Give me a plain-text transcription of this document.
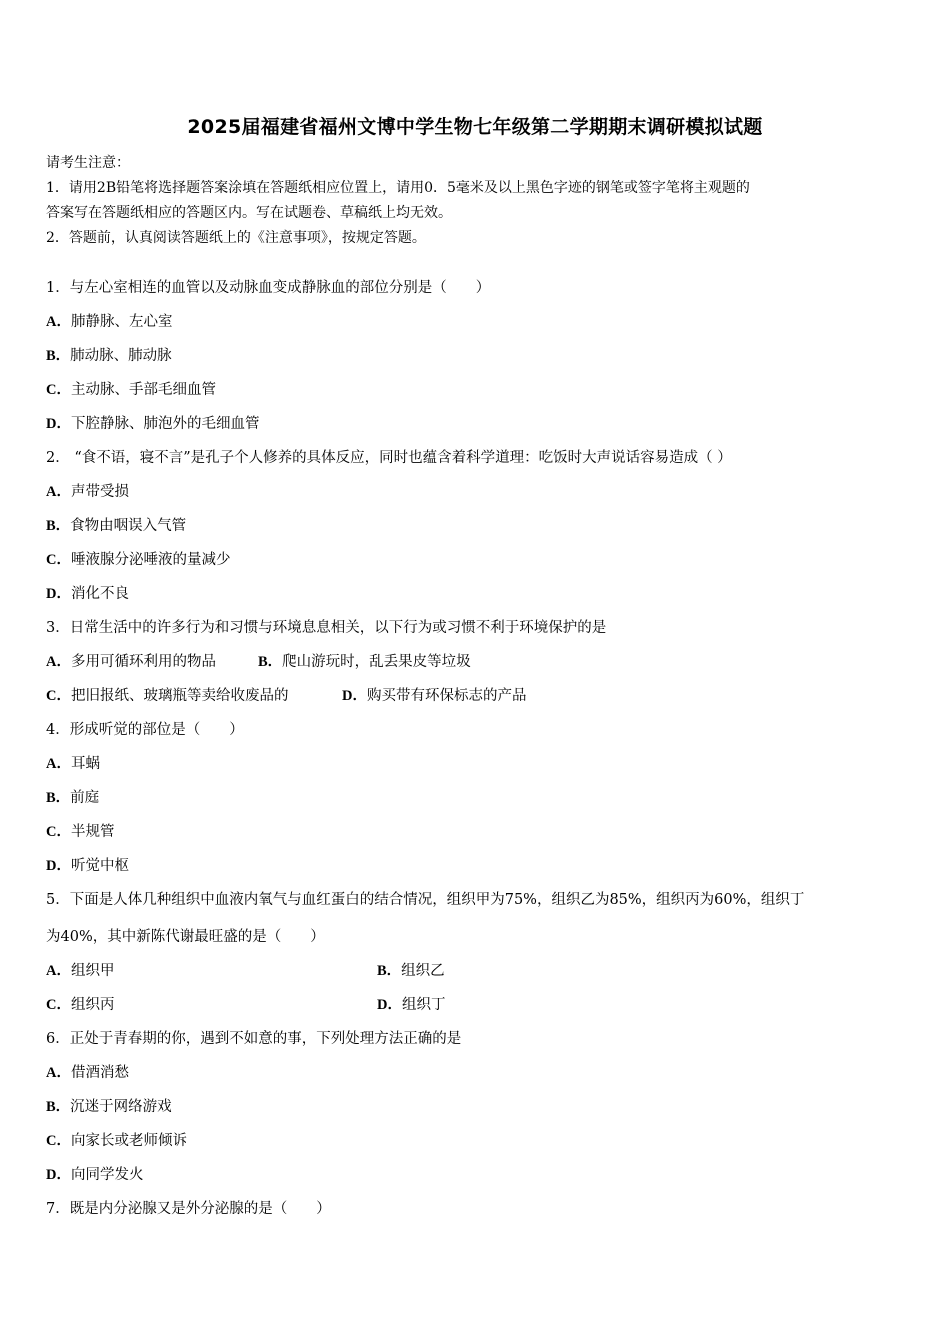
2025届福建省福州文博中学生物七年级第二学期期末调研模拟试题
请考生注意：
1．请用2B铅笔将选择题答案涂填在答题纸相应位置上，请用0．5毫米及以上黑色字迹的钢笔或签字笔将主观题的
答案写在答题纸相应的答题区内。写在试题卷、草稿纸上均无效。
2．答题前，认真阅读答题纸上的《注意事项》，按规定答题。
1．与左心室相连的血管以及动脉血变成静脉血的部位分别是（　　）
A．肺静脉、左心室
B．肺动脉、肺动脉
C．主动脉、手部毛细血管
D．下腔静脉、肺泡外的毛细血管
2． “食不语，寝不言”是孔子个人修养的具体反应，同时也蕴含着科学道理：吃饭时大声说话容易造成（ ）
A．声带受损
B．食物由咽误入气管
C．唾液腺分泌唾液的量减少
D．消化不良
3．日常生活中的许多行为和习惯与环境息息相关，以下行为或习惯不利于环境保护的是
A．多用可循环利用的物品	B．爬山游玩时，乱丢果皮等垃圾
C．把旧报纸、玻璃瓶等卖给收废品的	D．购买带有环保标志的产品
4．形成听觉的部位是（　　）
A．耳蜗
B．前庭
C．半规管
D．听觉中枢
5．下面是人体几种组织中血液内氧气与血红蛋白的结合情况，组织甲为75%，组织乙为85%，组织丙为60%，组织丁
为40%，其中新陈代谢最旺盛的是（　　）
A．组织甲	B．组织乙
C．组织丙	D．组织丁
6．正处于青春期的你，遇到不如意的事，下列处理方法正确的是
A．借酒消愁
B．沉迷于网络游戏
C．向家长或老师倾诉
D．向同学发火
7．既是内分泌腺又是外分泌腺的是（　　）
